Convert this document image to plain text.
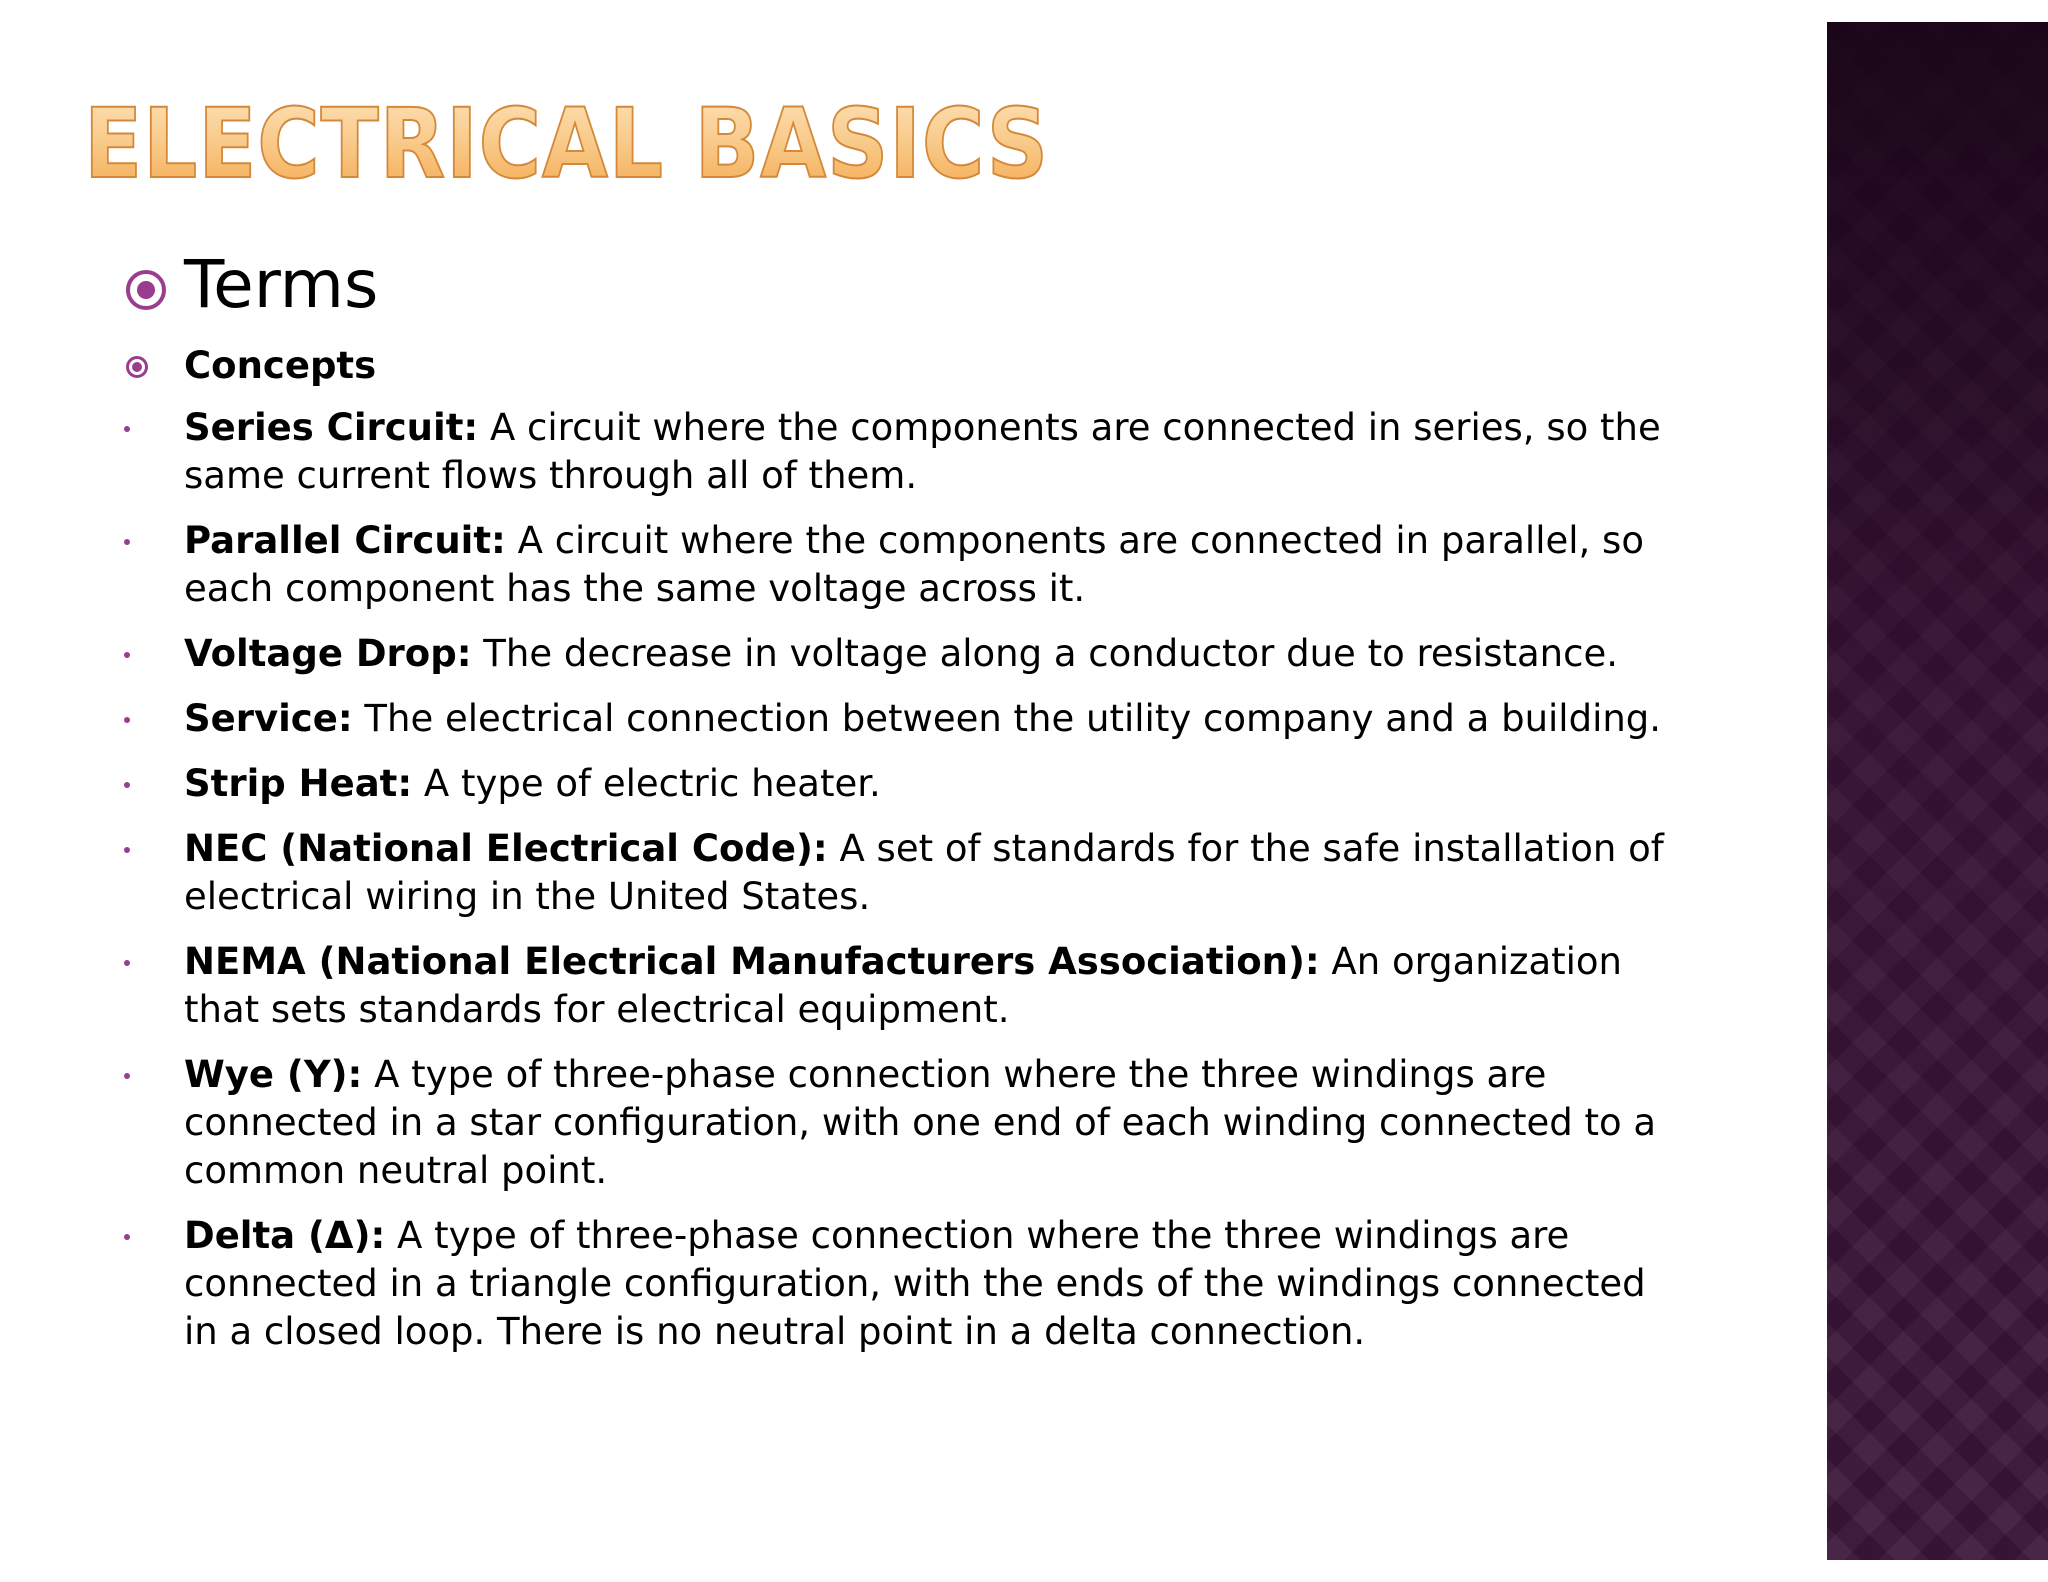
ELECTRICAL BASICS
Terms
Concepts
Series Circuit: A circuit where the components are connected in series, so the same current flows through all of them.
Parallel Circuit: A circuit where the components are connected in parallel, so each component has the same voltage across it.
Voltage Drop: The decrease in voltage along a conductor due to resistance.
Service: The electrical connection between the utility company and a building.
Strip Heat: A type of electric heater.
NEC (National Electrical Code): A set of standards for the safe installation of electrical wiring in the United States.
NEMA (National Electrical Manufacturers Association): An organization that sets standards for electrical equipment.
Wye (Y): A type of three-phase connection where the three windings are connected in a star configuration, with one end of each winding connected to a common neutral point.
Delta (Δ): A type of three-phase connection where the three windings are connected in a triangle configuration, with the ends of the windings connected in a closed loop. There is no neutral point in a delta connection.
